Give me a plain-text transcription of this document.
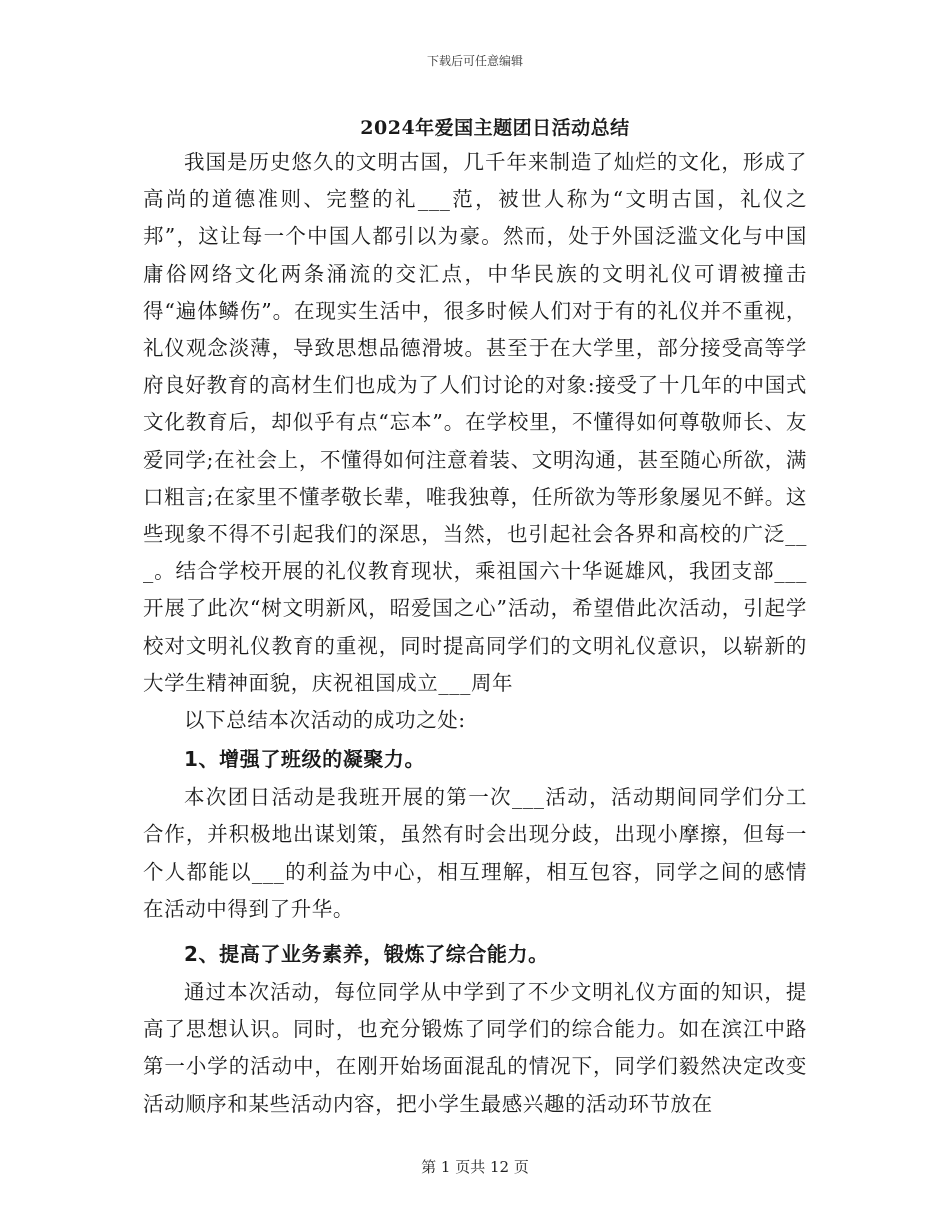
下载后可任意编辑
2024年爱国主题团日活动总结

我国是历史悠久的文明古国，几千年来制造了灿烂的文化，形成了高尚的道德准则、完整的礼___范，被世人称为“文明古国，礼仪之邦”，这让每一个中国人都引以为豪。然而，处于外国泛滥文化与中国庸俗网络文化两条涌流的交汇点，中华民族的文明礼仪可谓被撞击得“遍体鳞伤”。在现实生活中，很多时候人们对于有的礼仪并不重视，礼仪观念淡薄，导致思想品德滑坡。甚至于在大学里，部分接受高等学府良好教育的高材生们也成为了人们讨论的对象:接受了十几年的中国式文化教育后，却似乎有点“忘本”。在学校里，不懂得如何尊敬师长、友爱同学;在社会上，不懂得如何注意着装、文明沟通，甚至随心所欲，满口粗言;在家里不懂孝敬长辈，唯我独尊，任所欲为等形象屡见不鲜。这些现象不得不引起我们的深思，当然，也引起社会各界和高校的广泛___。结合学校开展的礼仪教育现状，乘祖国六十华诞雄风，我团支部___开展了此次“树文明新风，昭爱国之心”活动，希望借此次活动，引起学校对文明礼仪教育的重视，同时提高同学们的文明礼仪意识，以崭新的大学生精神面貌，庆祝祖国成立___周年

以下总结本次活动的成功之处:

1、增强了班级的凝聚力。

本次团日活动是我班开展的第一次___活动，活动期间同学们分工合作，并积极地出谋划策，虽然有时会出现分歧，出现小摩擦，但每一个人都能以___的利益为中心，相互理解，相互包容，同学之间的感情在活动中得到了升华。

2、提高了业务素养，锻炼了综合能力。

通过本次活动，每位同学从中学到了不少文明礼仪方面的知识，提高了思想认识。同时，也充分锻炼了同学们的综合能力。如在滨江中路第一小学的活动中，在刚开始场面混乱的情况下，同学们毅然决定改变活动顺序和某些活动内容，把小学生最感兴趣的活动环节放在

第 1 页共 12 页
